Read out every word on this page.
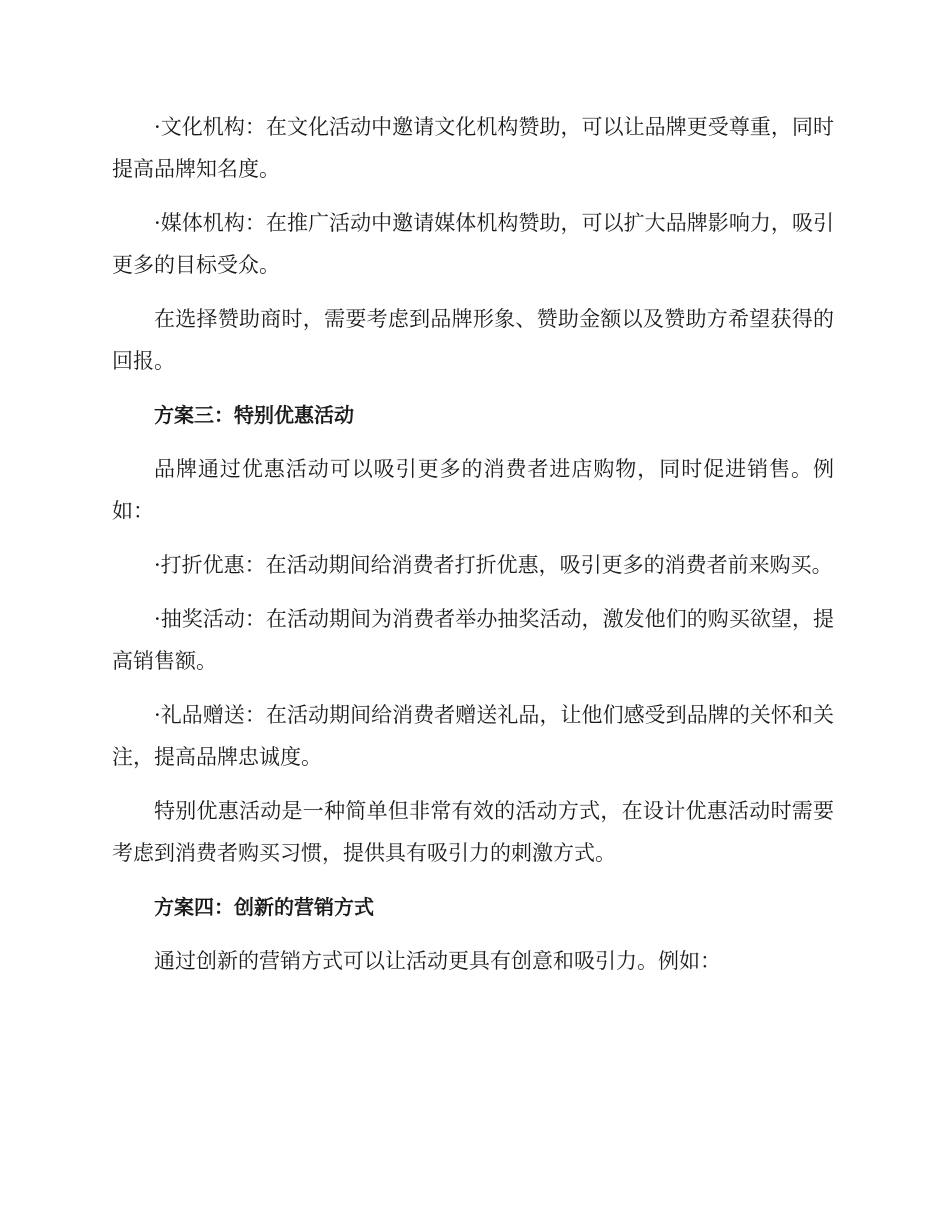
·文化机构：在文化活动中邀请文化机构赞助，可以让品牌更受尊重，同时提高品牌知名度。

·媒体机构：在推广活动中邀请媒体机构赞助，可以扩大品牌影响力，吸引更多的目标受众。

在选择赞助商时，需要考虑到品牌形象、赞助金额以及赞助方希望获得的回报。

方案三：特别优惠活动

品牌通过优惠活动可以吸引更多的消费者进店购物，同时促进销售。例如：

·打折优惠：在活动期间给消费者打折优惠，吸引更多的消费者前来购买。

·抽奖活动：在活动期间为消费者举办抽奖活动，激发他们的购买欲望，提高销售额。

·礼品赠送：在活动期间给消费者赠送礼品，让他们感受到品牌的关怀和关注，提高品牌忠诚度。

特别优惠活动是一种简单但非常有效的活动方式，在设计优惠活动时需要考虑到消费者购买习惯，提供具有吸引力的刺激方式。

方案四：创新的营销方式

通过创新的营销方式可以让活动更具有创意和吸引力。例如：
